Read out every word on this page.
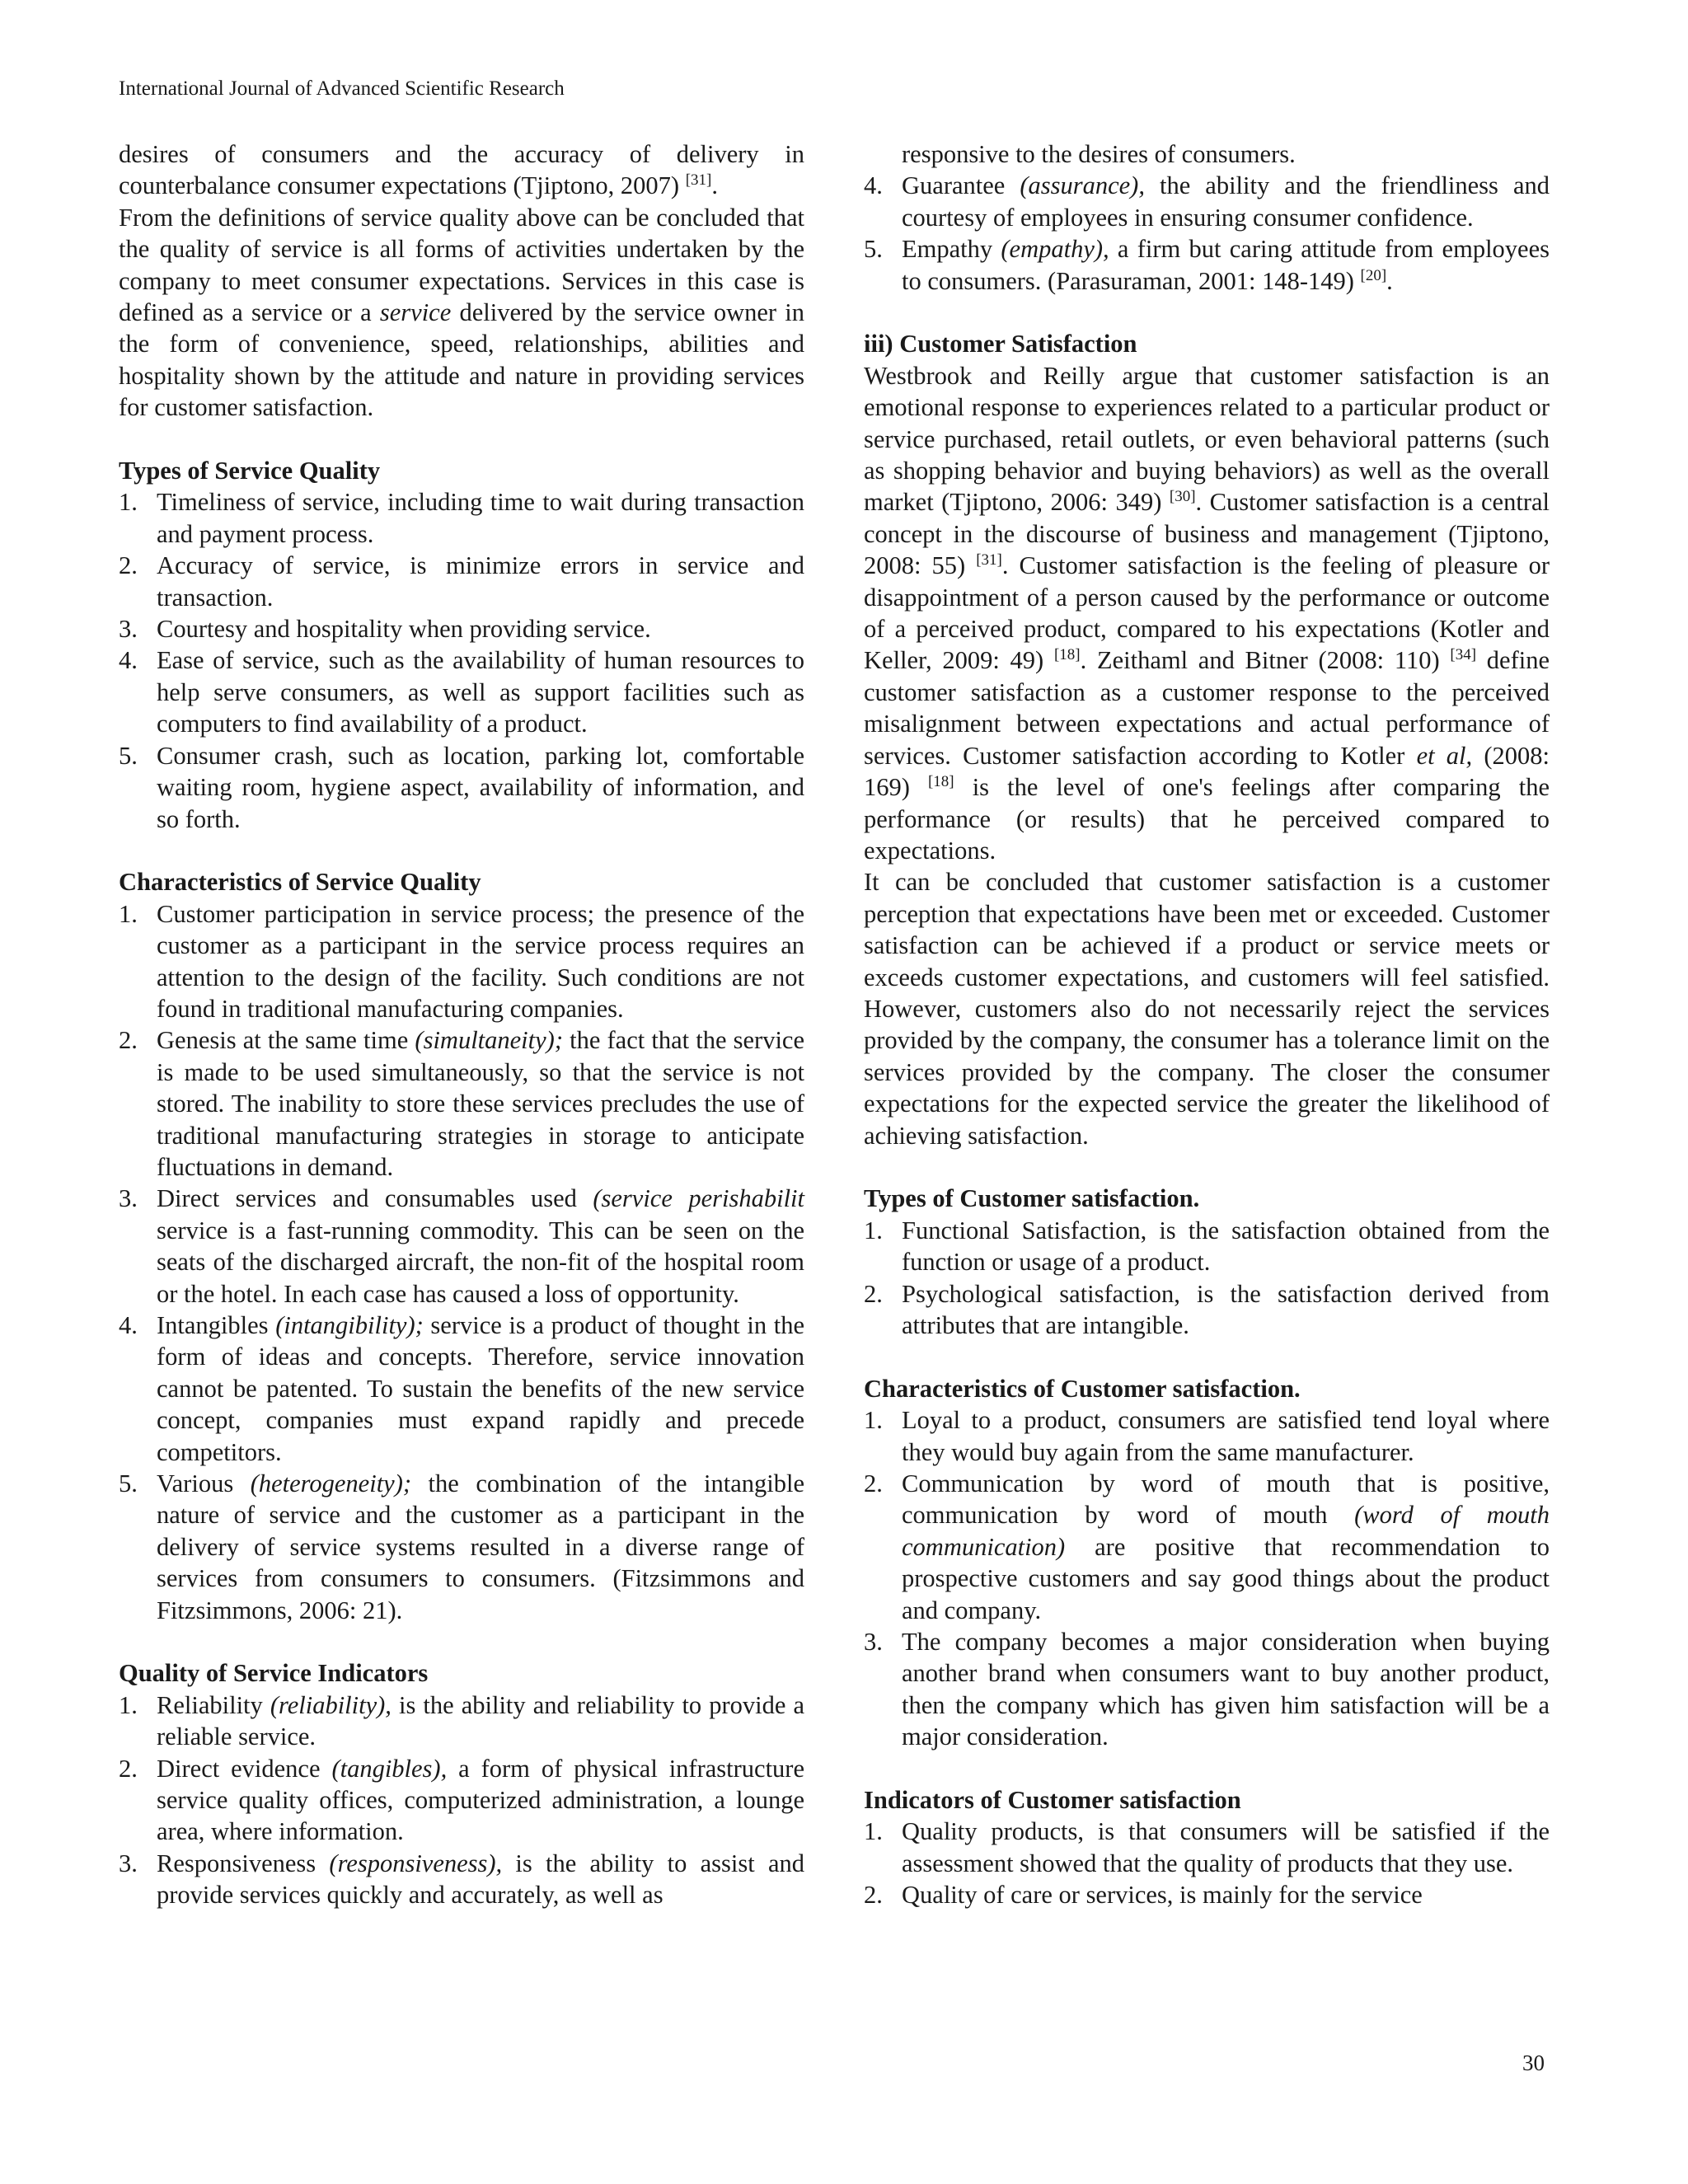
International Journal of Advanced Scientific Research

desires of consumers and the accuracy of delivery in counterbalance consumer expectations (Tjiptono, 2007) [31].

From the definitions of service quality above can be concluded that the quality of service is all forms of activities undertaken by the company to meet consumer expectations. Services in this case is defined as a service or a service delivered by the service owner in the form of convenience, speed, relationships, abilities and hospitality shown by the attitude and nature in providing services for customer satisfaction.

Types of Service Quality

1. Timeliness of service, including time to wait during transaction and payment process.
2. Accuracy of service, is minimize errors in service and transaction.
3. Courtesy and hospitality when providing service.
4. Ease of service, such as the availability of human resources to help serve consumers, as well as support facilities such as computers to find availability of a product.
5. Consumer crash, such as location, parking lot, comfortable waiting room, hygiene aspect, availability of information, and so forth.

Characteristics of Service Quality

1. Customer participation in service process; the presence of the customer as a participant in the service process requires an attention to the design of the facility. Such conditions are not found in traditional manufacturing companies.
2. Genesis at the same time (simultaneity); the fact that the service is made to be used simultaneously, so that the service is not stored. The inability to store these services precludes the use of traditional manufacturing strategies in storage to anticipate fluctuations in demand.
3. Direct services and consumables used (service perishabilit service is a fast-running commodity. This can be seen on the seats of the discharged aircraft, the non-fit of the hospital room or the hotel. In each case has caused a loss of opportunity.
4. Intangibles (intangibility); service is a product of thought in the form of ideas and concepts. Therefore, service innovation cannot be patented. To sustain the benefits of the new service concept, companies must expand rapidly and precede competitors.
5. Various (heterogeneity); the combination of the intangible nature of service and the customer as a participant in the delivery of service systems resulted in a diverse range of services from consumers to consumers. (Fitzsimmons and Fitzsimmons, 2006: 21).

Quality of Service Indicators

1. Reliability (reliability), is the ability and reliability to provide a reliable service.
2. Direct evidence (tangibles), a form of physical infrastructure service quality offices, computerized administration, a lounge area, where information.
3. Responsiveness (responsiveness), is the ability to assist and provide services quickly and accurately, as well as

responsive to the desires of consumers.

4. Guarantee (assurance), the ability and the friendliness and courtesy of employees in ensuring consumer confidence.
5. Empathy (empathy), a firm but caring attitude from employees to consumers. (Parasuraman, 2001: 148-149) [20].

iii) Customer Satisfaction

Westbrook and Reilly argue that customer satisfaction is an emotional response to experiences related to a particular product or service purchased, retail outlets, or even behavioral patterns (such as shopping behavior and buying behaviors) as well as the overall market (Tjiptono, 2006: 349) [30]. Customer satisfaction is a central concept in the discourse of business and management (Tjiptono, 2008: 55) [31]. Customer satisfaction is the feeling of pleasure or disappointment of a person caused by the performance or outcome of a perceived product, compared to his expectations (Kotler and Keller, 2009: 49) [18]. Zeithaml and Bitner (2008: 110) [34] define customer satisfaction as a customer response to the perceived misalignment between expectations and actual performance of services. Customer satisfaction according to Kotler et al, (2008: 169) [18] is the level of one's feelings after comparing the performance (or results) that he perceived compared to expectations.

It can be concluded that customer satisfaction is a customer perception that expectations have been met or exceeded. Customer satisfaction can be achieved if a product or service meets or exceeds customer expectations, and customers will feel satisfied. However, customers also do not necessarily reject the services provided by the company, the consumer has a tolerance limit on the services provided by the company. The closer the consumer expectations for the expected service the greater the likelihood of achieving satisfaction.

Types of Customer satisfaction.

1. Functional Satisfaction, is the satisfaction obtained from the function or usage of a product.
2. Psychological satisfaction, is the satisfaction derived from attributes that are intangible.

Characteristics of Customer satisfaction.

1. Loyal to a product, consumers are satisfied tend loyal where they would buy again from the same manufacturer.
2. Communication by word of mouth that is positive, communication by word of mouth (word of mouth communication) are positive that recommendation to prospective customers and say good things about the product and company.
3. The company becomes a major consideration when buying another brand when consumers want to buy another product, then the company which has given him satisfaction will be a major consideration.

Indicators of Customer satisfaction

1. Quality products, is that consumers will be satisfied if the assessment showed that the quality of products that they use.
2. Quality of care or services, is mainly for the service
30
